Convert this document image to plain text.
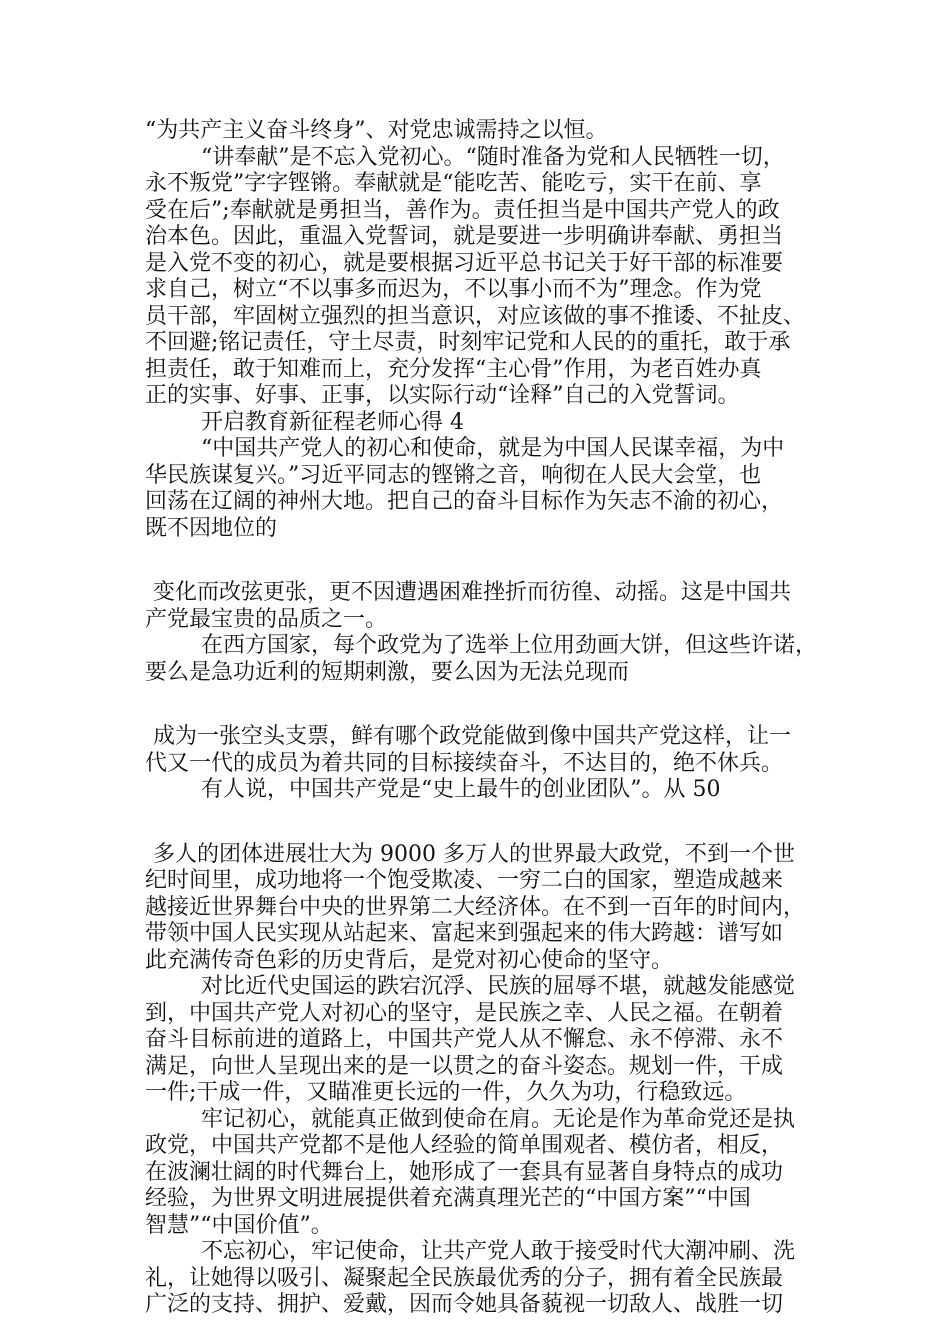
“为共产主义奋斗终身”、对党忠诚需持之以恒。
“讲奉献”是不忘入党初心。“随时准备为党和人民牺牲一切，
永不叛党”字字铿锵。奉献就是“能吃苦、能吃亏，实干在前、享
受在后”;奉献就是勇担当，善作为。责任担当是中国共产党人的政
治本色。因此，重温入党誓词，就是要进一步明确讲奉献、勇担当
是入党不变的初心，就是要根据习近平总书记关于好干部的标准要
求自己，树立“不以事多而迟为，不以事小而不为”理念。作为党
员干部，牢固树立强烈的担当意识，对应该做的事不推诿、不扯皮、
不回避;铭记责任，守土尽责，时刻牢记党和人民的的重托，敢于承
担责任，敢于知难而上，充分发挥“主心骨”作用，为老百姓办真
正的实事、好事、正事，以实际行动“诠释”自己的入党誓词。
开启教育新征程老师心得 4
“中国共产党人的初心和使命，就是为中国人民谋幸福，为中
华民族谋复兴。”习近平同志的铿锵之音，响彻在人民大会堂，也
回荡在辽阔的神州大地。把自己的奋斗目标作为矢志不渝的初心，
既不因地位的
变化而改弦更张，更不因遭遇困难挫折而彷徨、动摇。这是中国共
产党最宝贵的品质之一。
在西方国家，每个政党为了选举上位用劲画大饼，但这些许诺，
要么是急功近利的短期刺激，要么因为无法兑现而
成为一张空头支票，鲜有哪个政党能做到像中国共产党这样，让一
代又一代的成员为着共同的目标接续奋斗，不达目的，绝不休兵。
有人说，中国共产党是“史上最牛的创业团队”。从 50
多人的团体进展壮大为 9000 多万人的世界最大政党，不到一个世
纪时间里，成功地将一个饱受欺凌、一穷二白的国家，塑造成越来
越接近世界舞台中央的世界第二大经济体。在不到一百年的时间内，
带领中国人民实现从站起来、富起来到强起来的伟大跨越：谱写如
此充满传奇色彩的历史背后，是党对初心使命的坚守。
对比近代史国运的跌宕沉浮、民族的屈辱不堪，就越发能感觉
到，中国共产党人对初心的坚守，是民族之幸、人民之福。在朝着
奋斗目标前进的道路上，中国共产党人从不懈怠、永不停滞、永不
满足，向世人呈现出来的是一以贯之的奋斗姿态。规划一件，干成
一件;干成一件，又瞄准更长远的一件，久久为功，行稳致远。
牢记初心，就能真正做到使命在肩。无论是作为革命党还是执
政党，中国共产党都不是他人经验的简单围观者、模仿者，相反，
在波澜壮阔的时代舞台上，她形成了一套具有显著自身特点的成功
经验，为世界文明进展提供着充满真理光芒的“中国方案”“中国
智慧”“中国价值”。
不忘初心，牢记使命，让共产党人敢于接受时代大潮冲刷、洗
礼，让她得以吸引、凝聚起全民族最优秀的分子，拥有着全民族最
广泛的支持、拥护、爱戴，因而令她具备藐视一切敌人、战胜一切
